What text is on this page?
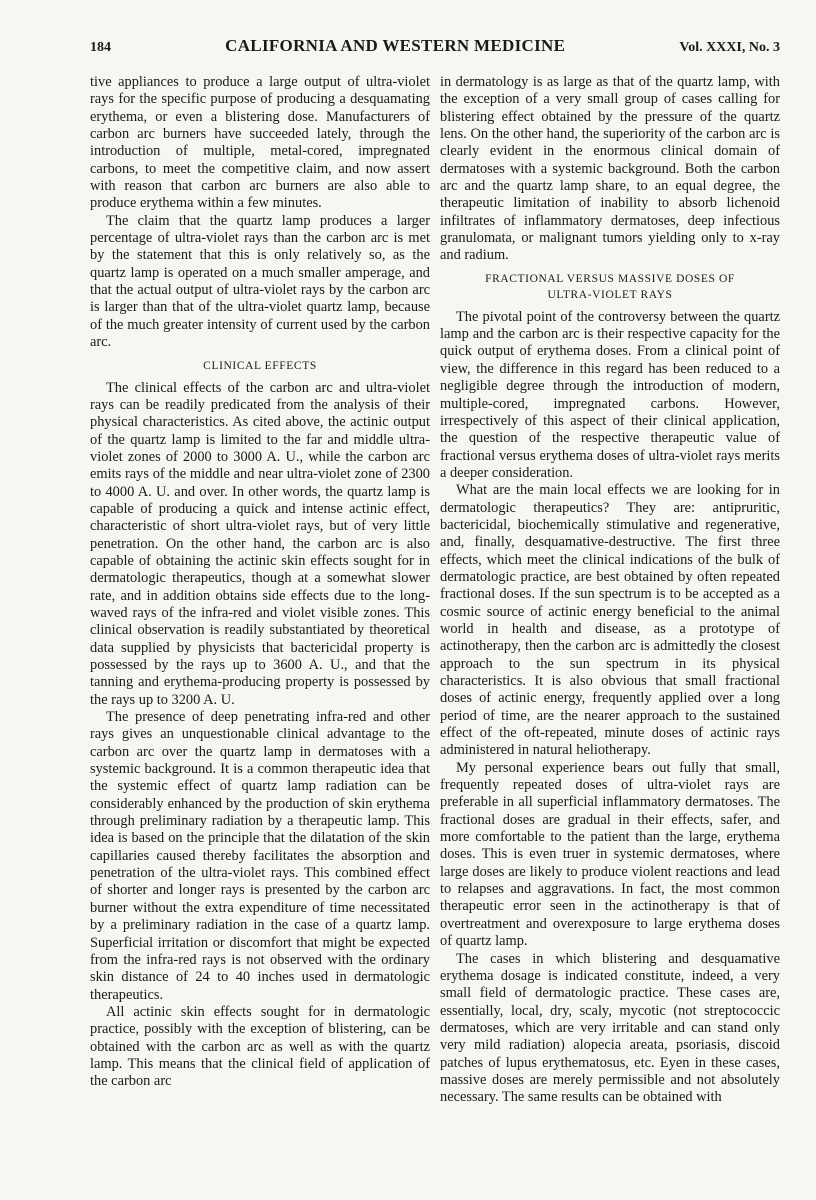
184	CALIFORNIA AND WESTERN MEDICINE	Vol. XXXI, No. 3

tive appliances to produce a large output of ultra-violet rays for the specific purpose of producing a desquamating erythema, or even a blistering dose. Manufacturers of carbon arc burners have succeeded lately, through the introduction of multiple, metal-cored, impregnated carbons, to meet the competitive claim, and now assert with reason that carbon arc burners are also able to produce erythema within a few minutes.

The claim that the quartz lamp produces a larger percentage of ultra-violet rays than the carbon arc is met by the statement that this is only relatively so, as the quartz lamp is operated on a much smaller amperage, and that the actual output of ultra-violet rays by the carbon arc is larger than that of the ultra-violet quartz lamp, because of the much greater intensity of current used by the carbon arc.

CLINICAL EFFECTS

The clinical effects of the carbon arc and ultra-violet rays can be readily predicated from the analysis of their physical characteristics. As cited above, the actinic output of the quartz lamp is limited to the far and middle ultra-violet zones of 2000 to 3000 A. U., while the carbon arc emits rays of the middle and near ultra-violet zone of 2300 to 4000 A. U. and over. In other words, the quartz lamp is capable of producing a quick and intense actinic effect, characteristic of short ultra-violet rays, but of very little penetration. On the other hand, the carbon arc is also capable of obtaining the actinic skin effects sought for in dermatologic therapeutics, though at a somewhat slower rate, and in addition obtains side effects due to the long-waved rays of the infra-red and violet visible zones. This clinical observation is readily substantiated by theoretical data supplied by physicists that bactericidal property is possessed by the rays up to 3600 A. U., and that the tanning and erythema-producing property is possessed by the rays up to 3200 A. U.

The presence of deep penetrating infra-red and other rays gives an unquestionable clinical advantage to the carbon arc over the quartz lamp in dermatoses with a systemic background. It is a common therapeutic idea that the systemic effect of quartz lamp radiation can be considerably enhanced by the production of skin erythema through preliminary radiation by a therapeutic lamp. This idea is based on the principle that the dilatation of the skin capillaries caused thereby facilitates the absorption and penetration of the ultra-violet rays. This combined effect of shorter and longer rays is presented by the carbon arc burner without the extra expenditure of time necessitated by a preliminary radiation in the case of a quartz lamp. Superficial irritation or discomfort that might be expected from the infra-red rays is not observed with the ordinary skin distance of 24 to 40 inches used in dermatologic therapeutics.

All actinic skin effects sought for in dermatologic practice, possibly with the exception of blistering, can be obtained with the carbon arc as well as with the quartz lamp. This means that the clinical field of application of the carbon arc

in dermatology is as large as that of the quartz lamp, with the exception of a very small group of cases calling for blistering effect obtained by the pressure of the quartz lens. On the other hand, the superiority of the carbon arc is clearly evident in the enormous clinical domain of dermatoses with a systemic background. Both the carbon arc and the quartz lamp share, to an equal degree, the therapeutic limitation of inability to absorb lichenoid infiltrates of inflammatory dermatoses, deep infectious granulomata, or malignant tumors yielding only to x-ray and radium.

FRACTIONAL VERSUS MASSIVE DOSES OF
ULTRA-VIOLET RAYS

The pivotal point of the controversy between the quartz lamp and the carbon arc is their respective capacity for the quick output of erythema doses. From a clinical point of view, the difference in this regard has been reduced to a negligible degree through the introduction of modern, multiple-cored, impregnated carbons. However, irrespectively of this aspect of their clinical application, the question of the respective therapeutic value of fractional versus erythema doses of ultra-violet rays merits a deeper consideration.

What are the main local effects we are looking for in dermatologic therapeutics? They are: antipruritic, bactericidal, biochemically stimulative and regenerative, and, finally, desquamative-destructive. The first three effects, which meet the clinical indications of the bulk of dermatologic practice, are best obtained by often repeated fractional doses. If the sun spectrum is to be accepted as a cosmic source of actinic energy beneficial to the animal world in health and disease, as a prototype of actinotherapy, then the carbon arc is admittedly the closest approach to the sun spectrum in its physical characteristics. It is also obvious that small fractional doses of actinic energy, frequently applied over a long period of time, are the nearer approach to the sustained effect of the oft-repeated, minute doses of actinic rays administered in natural heliotherapy.

My personal experience bears out fully that small, frequently repeated doses of ultra-violet rays are preferable in all superficial inflammatory dermatoses. The fractional doses are gradual in their effects, safer, and more comfortable to the patient than the large, erythema doses. This is even truer in systemic dermatoses, where large doses are likely to produce violent reactions and lead to relapses and aggravations. In fact, the most common therapeutic error seen in the actinotherapy is that of overtreatment and overexposure to large erythema doses of quartz lamp.

The cases in which blistering and desquamative erythema dosage is indicated constitute, indeed, a very small field of dermatologic practice. These cases are, essentially, local, dry, scaly, mycotic (not streptococcic dermatoses, which are very irritable and can stand only very mild radiation) alopecia areata, psoriasis, discoid patches of lupus erythematosus, etc. Eyen in these cases, massive doses are merely permissible and not absolutely necessary. The same results can be obtained with
